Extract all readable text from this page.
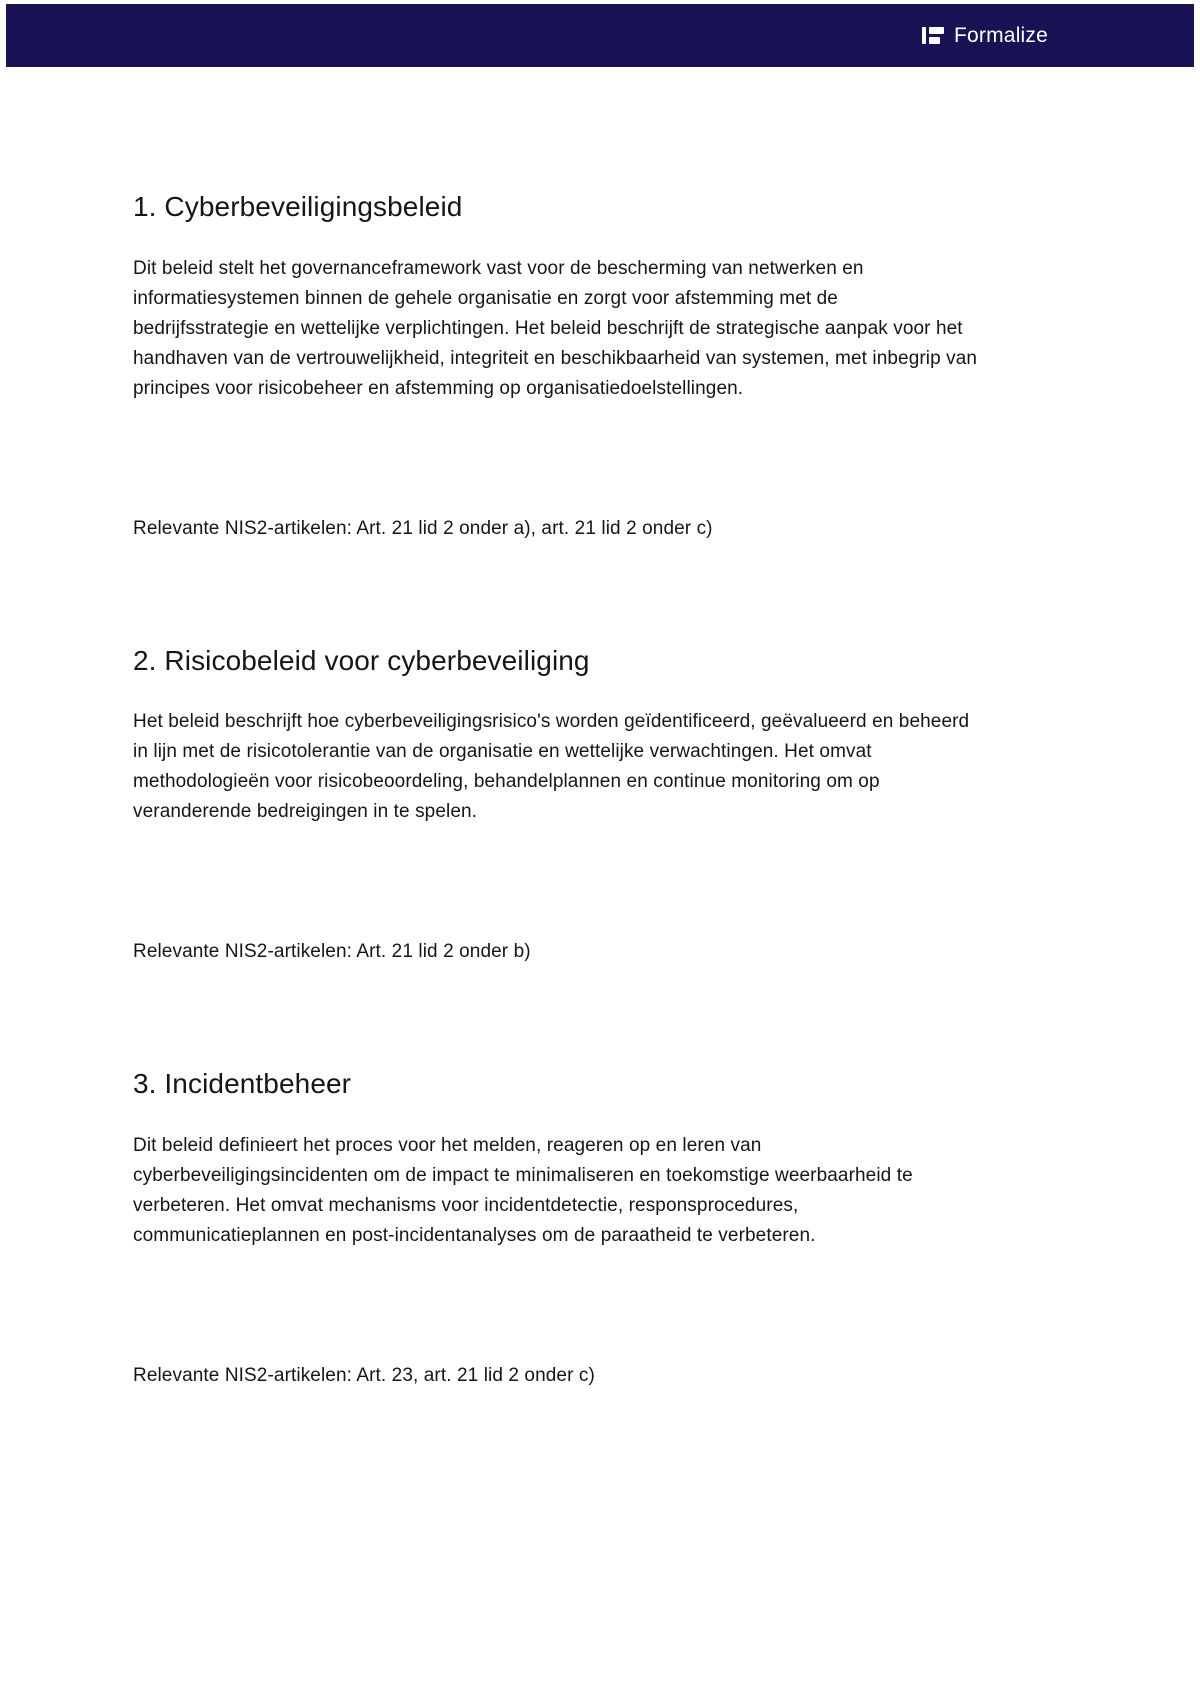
Formalize
1. Cyberbeveiligingsbeleid

Dit beleid stelt het governanceframework vast voor de bescherming van netwerken en informatiesystemen binnen de gehele organisatie en zorgt voor afstemming met de bedrijfsstrategie en wettelijke verplichtingen. Het beleid beschrijft de strategische aanpak voor het handhaven van de vertrouwelijkheid, integriteit en beschikbaarheid van systemen, met inbegrip van principes voor risicobeheer en afstemming op organisatiedoelstellingen.

Relevante NIS2-artikelen: Art. 21 lid 2 onder a), art. 21 lid 2 onder c)

2. Risicobeleid voor cyberbeveiliging

Het beleid beschrijft hoe cyberbeveiligingsrisico's worden geïdentificeerd, geëvalueerd en beheerd in lijn met de risicotolerantie van de organisatie en wettelijke verwachtingen. Het omvat methodologieën voor risicobeoordeling, behandelplannen en continue monitoring om op veranderende bedreigingen in te spelen.

Relevante NIS2-artikelen: Art. 21 lid 2 onder b)

3. Incidentbeheer

Dit beleid definieert het proces voor het melden, reageren op en leren van cyberbeveiligingsincidenten om de impact te minimaliseren en toekomstige weerbaarheid te verbeteren. Het omvat mechanisms voor incidentdetectie, responsprocedures, communicatieplannen en post-incidentanalyses om de paraatheid te verbeteren.

Relevante NIS2-artikelen: Art. 23, art. 21 lid 2 onder c)
